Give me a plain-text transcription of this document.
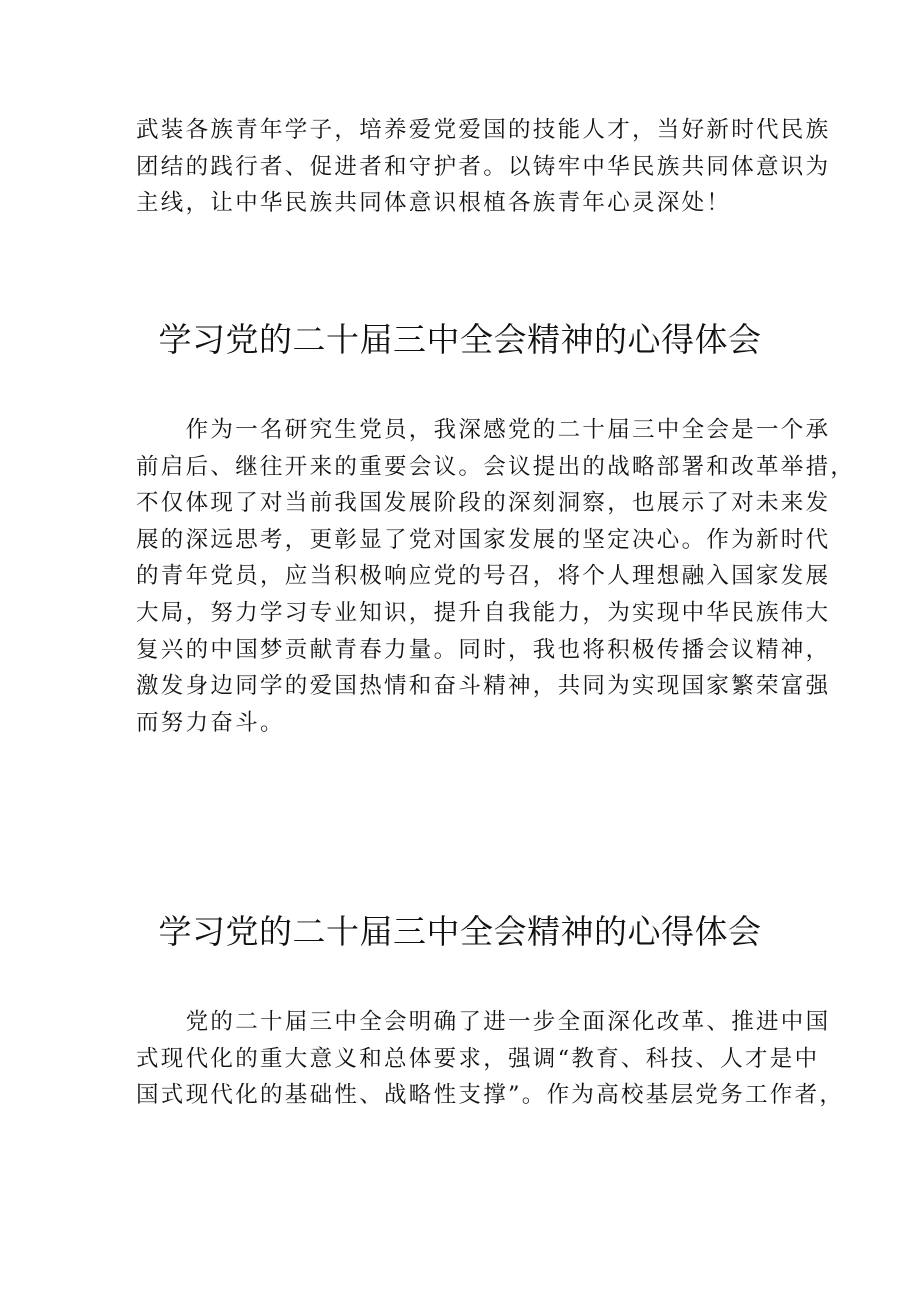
武装各族青年学子，培养爱党爱国的技能人才，当好新时代民族
团结的践行者、促进者和守护者。以铸牢中华民族共同体意识为
主线，让中华民族共同体意识根植各族青年心灵深处！
学习党的二十届三中全会精神的心得体会
　　作为一名研究生党员，我深感党的二十届三中全会是一个承
前启后、继往开来的重要会议。会议提出的战略部署和改革举措，
不仅体现了对当前我国发展阶段的深刻洞察，也展示了对未来发
展的深远思考，更彰显了党对国家发展的坚定决心。作为新时代
的青年党员，应当积极响应党的号召，将个人理想融入国家发展
大局，努力学习专业知识，提升自我能力，为实现中华民族伟大
复兴的中国梦贡献青春力量。同时，我也将积极传播会议精神，
激发身边同学的爱国热情和奋斗精神，共同为实现国家繁荣富强
而努力奋斗。
学习党的二十届三中全会精神的心得体会
　　党的二十届三中全会明确了进一步全面深化改革、推进中国
式现代化的重大意义和总体要求，强调“教育、科技、人才是中
国式现代化的基础性、战略性支撑”。作为高校基层党务工作者，
